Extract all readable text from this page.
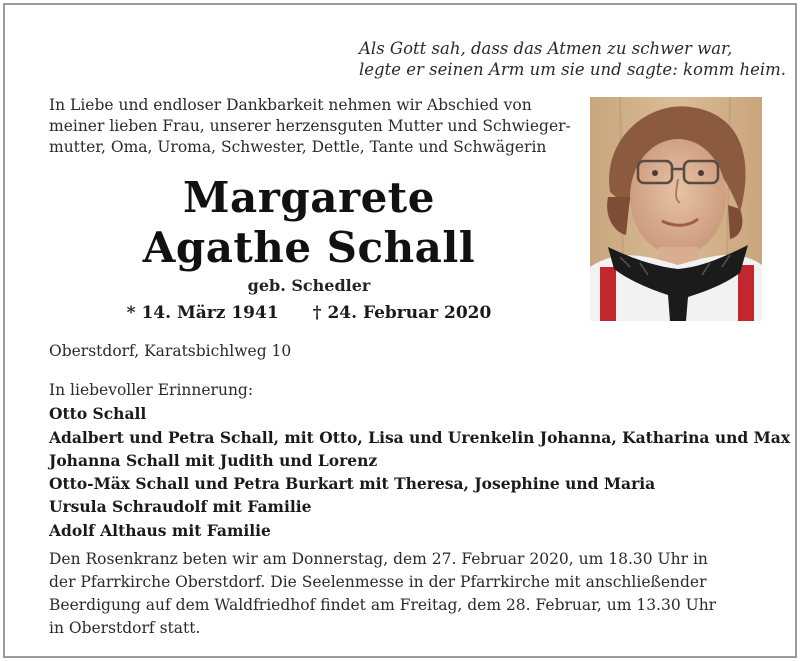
Als Gott sah, dass das Atmen zu schwer war,
legte er seinen Arm um sie und sagte: komm heim.
In Liebe und endloser Dankbarkeit nehmen wir Abschied von
meiner lieben Frau, unserer herzensguten Mutter und Schwieger-
mutter, Oma, Uroma, Schwester, Dettle, Tante und Schwägerin
Margarete
Agathe Schall
geb. Schedler
* 14. März 1941 † 24. Februar 2020
Oberstdorf, Karatsbichlweg 10
In liebevoller Erinnerung:
Otto Schall
Adalbert und Petra Schall, mit Otto, Lisa und Urenkelin Johanna, Katharina und Max
Johanna Schall mit Judith und Lorenz
Otto-Mäx Schall und Petra Burkart mit Theresa, Josephine und Maria
Ursula Schraudolf mit Familie
Adolf Althaus mit Familie
Den Rosenkranz beten wir am Donnerstag, dem 27. Februar 2020, um 18.30 Uhr in
der Pfarrkirche Oberstdorf. Die Seelenmesse in der Pfarrkirche mit anschließender
Beerdigung auf dem Waldfriedhof findet am Freitag, dem 28. Februar, um 13.30 Uhr
in Oberstdorf statt.
